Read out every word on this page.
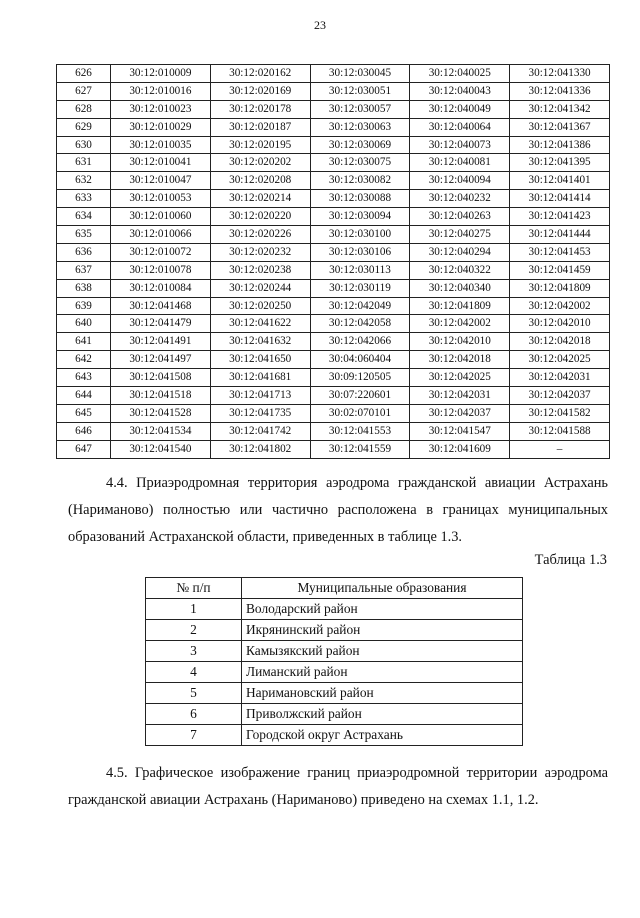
23
626	30:12:010009	30:12:020162	30:12:030045	30:12:040025	30:12:041330
627	30:12:010016	30:12:020169	30:12:030051	30:12:040043	30:12:041336
628	30:12:010023	30:12:020178	30:12:030057	30:12:040049	30:12:041342
629	30:12:010029	30:12:020187	30:12:030063	30:12:040064	30:12:041367
630	30:12:010035	30:12:020195	30:12:030069	30:12:040073	30:12:041386
631	30:12:010041	30:12:020202	30:12:030075	30:12:040081	30:12:041395
632	30:12:010047	30:12:020208	30:12:030082	30:12:040094	30:12:041401
633	30:12:010053	30:12:020214	30:12:030088	30:12:040232	30:12:041414
634	30:12:010060	30:12:020220	30:12:030094	30:12:040263	30:12:041423
635	30:12:010066	30:12:020226	30:12:030100	30:12:040275	30:12:041444
636	30:12:010072	30:12:020232	30:12:030106	30:12:040294	30:12:041453
637	30:12:010078	30:12:020238	30:12:030113	30:12:040322	30:12:041459
638	30:12:010084	30:12:020244	30:12:030119	30:12:040340	30:12:041809
639	30:12:041468	30:12:020250	30:12:042049	30:12:041809	30:12:042002
640	30:12:041479	30:12:041622	30:12:042058	30:12:042002	30:12:042010
641	30:12:041491	30:12:041632	30:12:042066	30:12:042010	30:12:042018
642	30:12:041497	30:12:041650	30:04:060404	30:12:042018	30:12:042025
643	30:12:041508	30:12:041681	30:09:120505	30:12:042025	30:12:042031
644	30:12:041518	30:12:041713	30:07:220601	30:12:042031	30:12:042037
645	30:12:041528	30:12:041735	30:02:070101	30:12:042037	30:12:041582
646	30:12:041534	30:12:041742	30:12:041553	30:12:041547	30:12:041588
647	30:12:041540	30:12:041802	30:12:041559	30:12:041609	–
4.4. Приаэродромная территория аэродрома гражданской авиации Астрахань
(Нариманово) полностью или частично расположена в границах муниципальных
образований Астраханской области, приведенных в таблице 1.3.
Таблица 1.3
№ п/п	Муниципальные образования
1	Володарский район
2	Икрянинский район
3	Камызякский район
4	Лиманский район
5	Наримановский район
6	Приволжский район
7	Городской округ Астрахань
4.5. Графическое изображение границ приаэродромной территории аэродрома
гражданской авиации Астрахань (Нариманово) приведено на схемах 1.1, 1.2.
